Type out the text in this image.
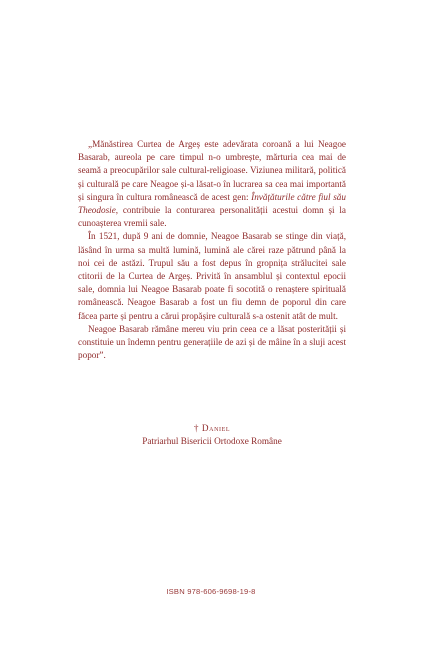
„Mănăstirea Curtea de Argeș este adevărata coroană a lui Neagoe Basarab, aureola pe care timpul n-o umbrește, mărturia cea mai de seamă a preocupărilor sale cultural-religioase. Viziunea militară, politică și culturală pe care Neagoe și-a lăsat-o în lucrarea sa cea mai importantă și singura în cultura românească de acest gen: Învățăturile către fiul său Theodosie, contribuie la conturarea personalității acestui domn și la cunoașterea vremii sale.

În 1521, după 9 ani de domnie, Neagoe Basarab se stinge din viață, lăsând în urma sa multă lumină, lumină ale cărei raze pătrund până la noi cei de astăzi. Trupul său a fost depus în gropnița strălucitei sale ctitorii de la Curtea de Argeș. Privită în ansamblul și contextul epocii sale, domnia lui Neagoe Basarab poate fi socotită o renaștere spirituală românească. Neagoe Basarab a fost un fiu demn de poporul din care făcea parte și pentru a cărui propășire culturală s-a ostenit atât de mult.

Neagoe Basarab rămâne mereu viu prin ceea ce a lăsat posterității și constituie un îndemn pentru generațiile de azi și de mâine în a sluji acest popor”.

† Daniel
Patriarhul Bisericii Ortodoxe Române
ISBN 978-606-9698-19-8
